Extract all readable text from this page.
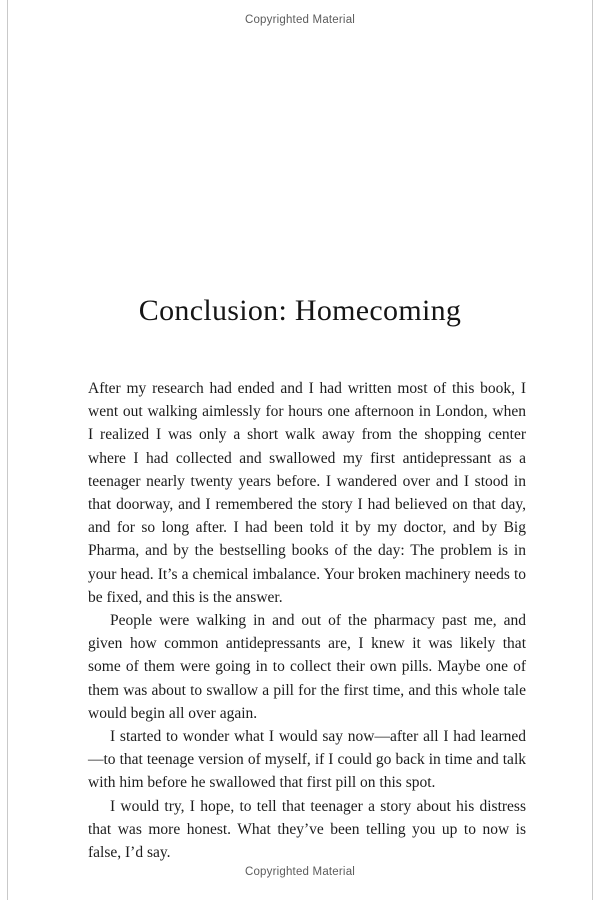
Copyrighted Material
Conclusion: Homecoming

After my research had ended and I had written most of this book, I went out walking aimlessly for hours one afternoon in London, when I realized I was only a short walk away from the shopping center where I had collected and swallowed my first antidepressant as a teenager nearly twenty years before. I wandered over and I stood in that doorway, and I remembered the story I had believed on that day, and for so long after. I had been told it by my doctor, and by Big Pharma, and by the bestselling books of the day: The problem is in your head. It’s a chemical imbalance. Your broken machinery needs to be fixed, and this is the answer.

People were walking in and out of the pharmacy past me, and given how common antidepressants are, I knew it was likely that some of them were going in to collect their own pills. Maybe one of them was about to swallow a pill for the first time, and this whole tale would begin all over again.

I started to wonder what I would say now—after all I had learned—to that teenage version of myself, if I could go back in time and talk with him before he swallowed that first pill on this spot.

I would try, I hope, to tell that teenager a story about his distress that was more honest. What they’ve been telling you up to now is false, I’d say.

Copyrighted Material
